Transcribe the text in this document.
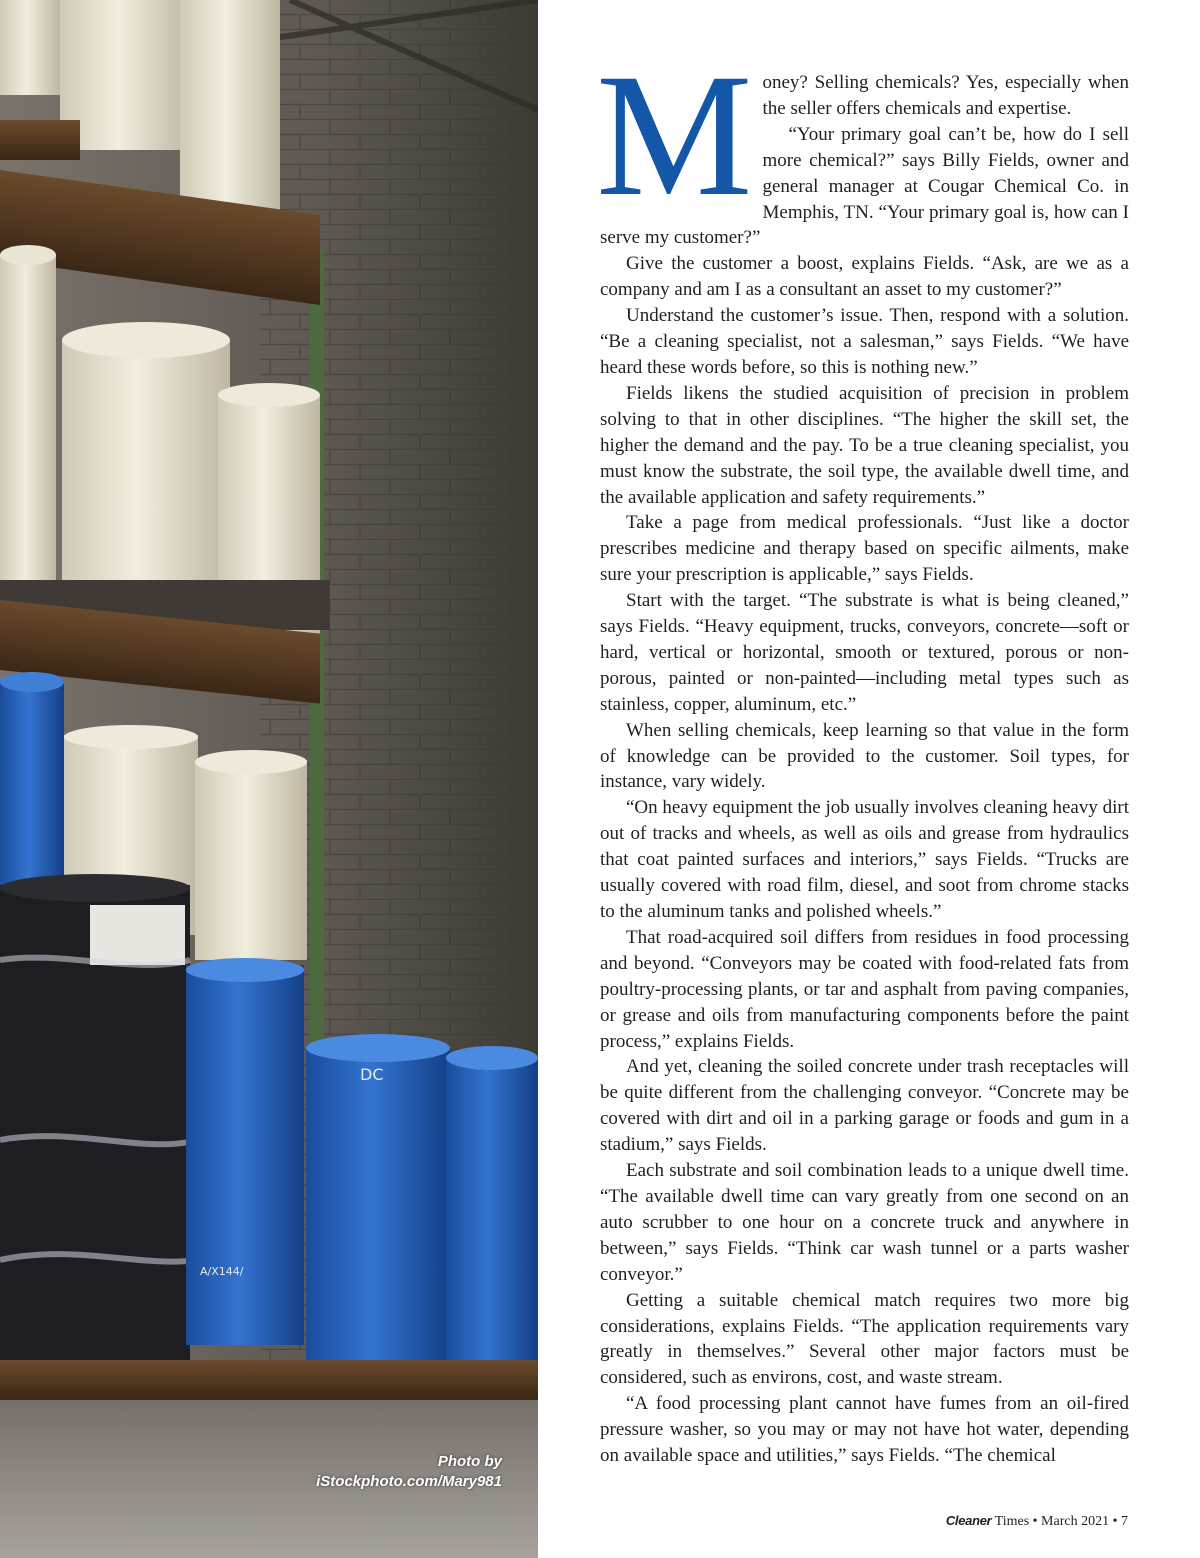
DC
A/X144/
Photo by
iStockphoto.com/Mary981

Money? Selling chemicals? Yes, especially when the seller offers chemicals and expertise.

“Your primary goal can’t be, how do I sell more chemical?” says Billy Fields, owner and general manager at Cougar Chemical Co. in Memphis, TN. “Your primary goal is, how can I serve my customer?”

Give the customer a boost, explains Fields. “Ask, are we as a company and am I as a consultant an asset to my customer?”

Understand the customer’s issue. Then, respond with a solution. “Be a cleaning specialist, not a salesman,” says Fields. “We have heard these words before, so this is nothing new.”

Fields likens the studied acquisition of precision in problem solving to that in other disciplines. “The higher the skill set, the higher the demand and the pay. To be a true cleaning specialist, you must know the substrate, the soil type, the available dwell time, and the available application and safety requirements.”

Take a page from medical professionals. “Just like a doctor prescribes medicine and therapy based on specific ailments, make sure your prescription is applicable,” says Fields.

Start with the target. “The substrate is what is being cleaned,” says Fields. “Heavy equipment, trucks, conveyors, concrete—soft or hard, vertical or horizontal, smooth or textured, porous or non-porous, painted or non-painted—including metal types such as stainless, copper, aluminum, etc.”

When selling chemicals, keep learning so that value in the form of knowledge can be provided to the customer. Soil types, for instance, vary widely.

“On heavy equipment the job usually involves cleaning heavy dirt out of tracks and wheels, as well as oils and grease from hydraulics that coat painted surfaces and interiors,” says Fields. “Trucks are usually covered with road film, diesel, and soot from chrome stacks to the aluminum tanks and polished wheels.”

That road-acquired soil differs from residues in food processing and beyond. “Conveyors may be coated with food-related fats from poultry-processing plants, or tar and asphalt from paving companies, or grease and oils from manufacturing components before the paint process,” explains Fields.

And yet, cleaning the soiled concrete under trash receptacles will be quite different from the challenging conveyor. “Concrete may be covered with dirt and oil in a parking garage or foods and gum in a stadium,” says Fields.

Each substrate and soil combination leads to a unique dwell time. “The available dwell time can vary greatly from one second on an auto scrubber to one hour on a concrete truck and anywhere in between,” says Fields. “Think car wash tunnel or a parts washer conveyor.”

Getting a suitable chemical match requires two more big considerations, explains Fields. “The application requirements vary greatly in themselves.” Several other major factors must be considered, such as environs, cost, and waste stream.

“A food processing plant cannot have fumes from an oil-fired pressure washer, so you may or may not have hot water, depending on available space and utilities,” says Fields. “The chemical

Cleaner Times • March 2021 • 7
